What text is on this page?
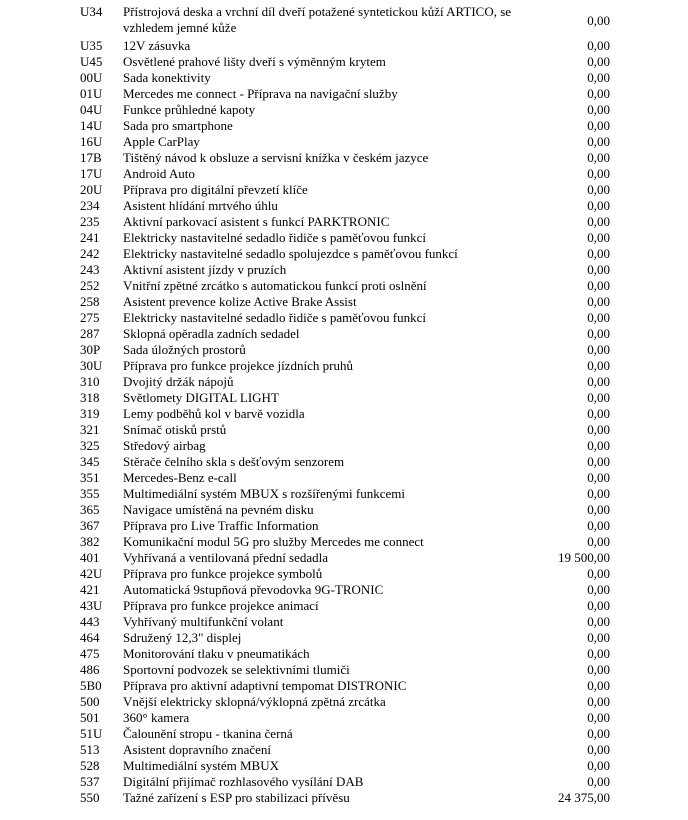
U34 Přístrojová deska a vrchní díl dveří potažené syntetickou kůží ARTICO, se vzhledem jemné kůže	0,00
U35 12V zásuvka	0,00
U45 Osvětlené prahové lišty dveří s výměnným krytem	0,00
00U Sada konektivity	0,00
01U Mercedes me connect - Příprava na navigační služby	0,00
04U Funkce průhledné kapoty	0,00
14U Sada pro smartphone	0,00
16U Apple CarPlay	0,00
17B Tištěný návod k obsluze a servisní knížka v českém jazyce	0,00
17U Android Auto	0,00
20U Příprava pro digitální převzetí klíče	0,00
234 Asistent hlídání mrtvého úhlu	0,00
235 Aktivní parkovací asistent s funkcí PARKTRONIC	0,00
241 Elektricky nastavitelné sedadlo řidiče s paměťovou funkcí	0,00
242 Elektricky nastavitelné sedadlo spolujezdce s paměťovou funkcí	0,00
243 Aktivní asistent jízdy v pruzích	0,00
252 Vnitřní zpětné zrcátko s automatickou funkcí proti oslnění	0,00
258 Asistent prevence kolize Active Brake Assist	0,00
275 Elektricky nastavitelné sedadlo řidiče s paměťovou funkcí	0,00
287 Sklopná opěradla zadních sedadel	0,00
30P Sada úložných prostorů	0,00
30U Příprava pro funkce projekce jízdních pruhů	0,00
310 Dvojitý držák nápojů	0,00
318 Světlomety DIGITAL LIGHT	0,00
319 Lemy podběhů kol v barvě vozidla	0,00
321 Snímač otisků prstů	0,00
325 Středový airbag	0,00
345 Stěrače čelního skla s dešťovým senzorem	0,00
351 Mercedes-Benz e-call	0,00
355 Multimediální systém MBUX s rozšířenými funkcemi	0,00
365 Navigace umístěná na pevném disku	0,00
367 Příprava pro Live Traffic Information	0,00
382 Komunikační modul 5G pro služby Mercedes me connect	0,00
401 Vyhřívaná a ventilovaná přední sedadla	19 500,00
42U Příprava pro funkce projekce symbolů	0,00
421 Automatická 9stupňová převodovka 9G-TRONIC	0,00
43U Příprava pro funkce projekce animací	0,00
443 Vyhřívaný multifunkční volant	0,00
464 Sdružený 12,3" displej	0,00
475 Monitorování tlaku v pneumatikách	0,00
486 Sportovní podvozek se selektivními tlumiči	0,00
5B0 Příprava pro aktivní adaptivní tempomat DISTRONIC	0,00
500 Vnější elektricky sklopná/výklopná zpětná zrcátka	0,00
501 360° kamera	0,00
51U Čalounění stropu - tkanina černá	0,00
513 Asistent dopravního značení	0,00
528 Multimediální systém MBUX	0,00
537 Digitální přijímač rozhlasového vysílání DAB	0,00
550 Tažné zařízení s ESP pro stabilizaci přívěsu	24 375,00
